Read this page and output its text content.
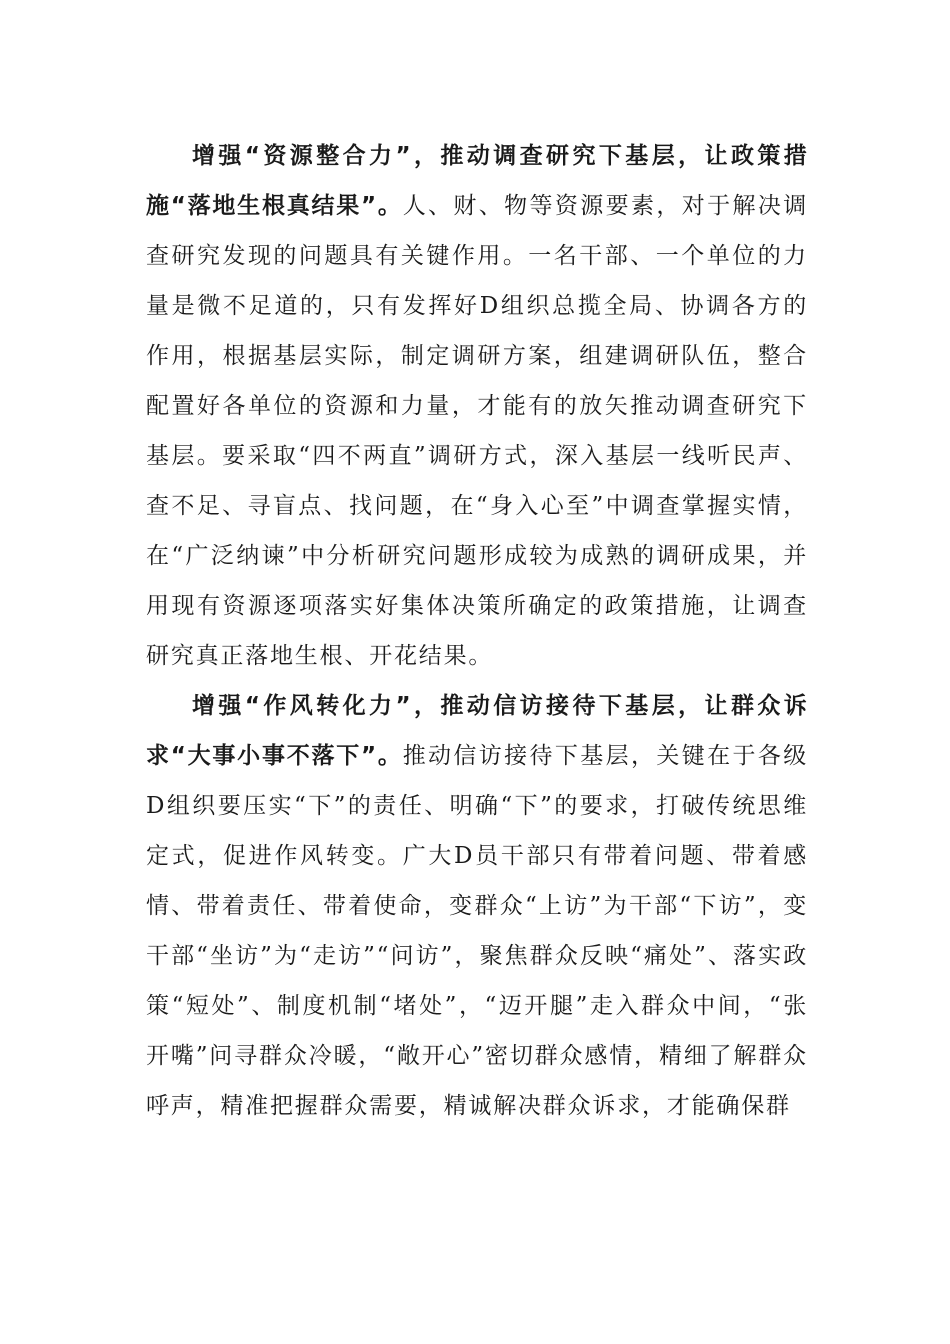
增强“资源整合力”，推动调查研究下基层，让政策措施“落地生根真结果”。人、财、物等资源要素，对于解决调查研究发现的问题具有关键作用。一名干部、一个单位的力量是微不足道的，只有发挥好D组织总揽全局、协调各方的作用，根据基层实际，制定调研方案，组建调研队伍，整合配置好各单位的资源和力量，才能有的放矢推动调查研究下基层。要采取“四不两直”调研方式，深入基层一线听民声、查不足、寻盲点、找问题，在“身入心至”中调查掌握实情，在“广泛纳谏”中分析研究问题形成较为成熟的调研成果，并用现有资源逐项落实好集体决策所确定的政策措施，让调查研究真正落地生根、开花结果。

增强“作风转化力”，推动信访接待下基层，让群众诉求“大事小事不落下”。推动信访接待下基层，关键在于各级D组织要压实“下”的责任、明确“下”的要求，打破传统思维定式，促进作风转变。广大D员干部只有带着问题、带着感情、带着责任、带着使命，变群众“上访”为干部“下访”，变干部“坐访”为“走访”“问访”，聚焦群众反映“痛处”、落实政策“短处”、制度机制“堵处”，“迈开腿”走入群众中间，“张开嘴”问寻群众冷暖，“敞开心”密切群众感情，精细了解群众呼声，精准把握群众需要，精诚解决群众诉求，才能确保群
